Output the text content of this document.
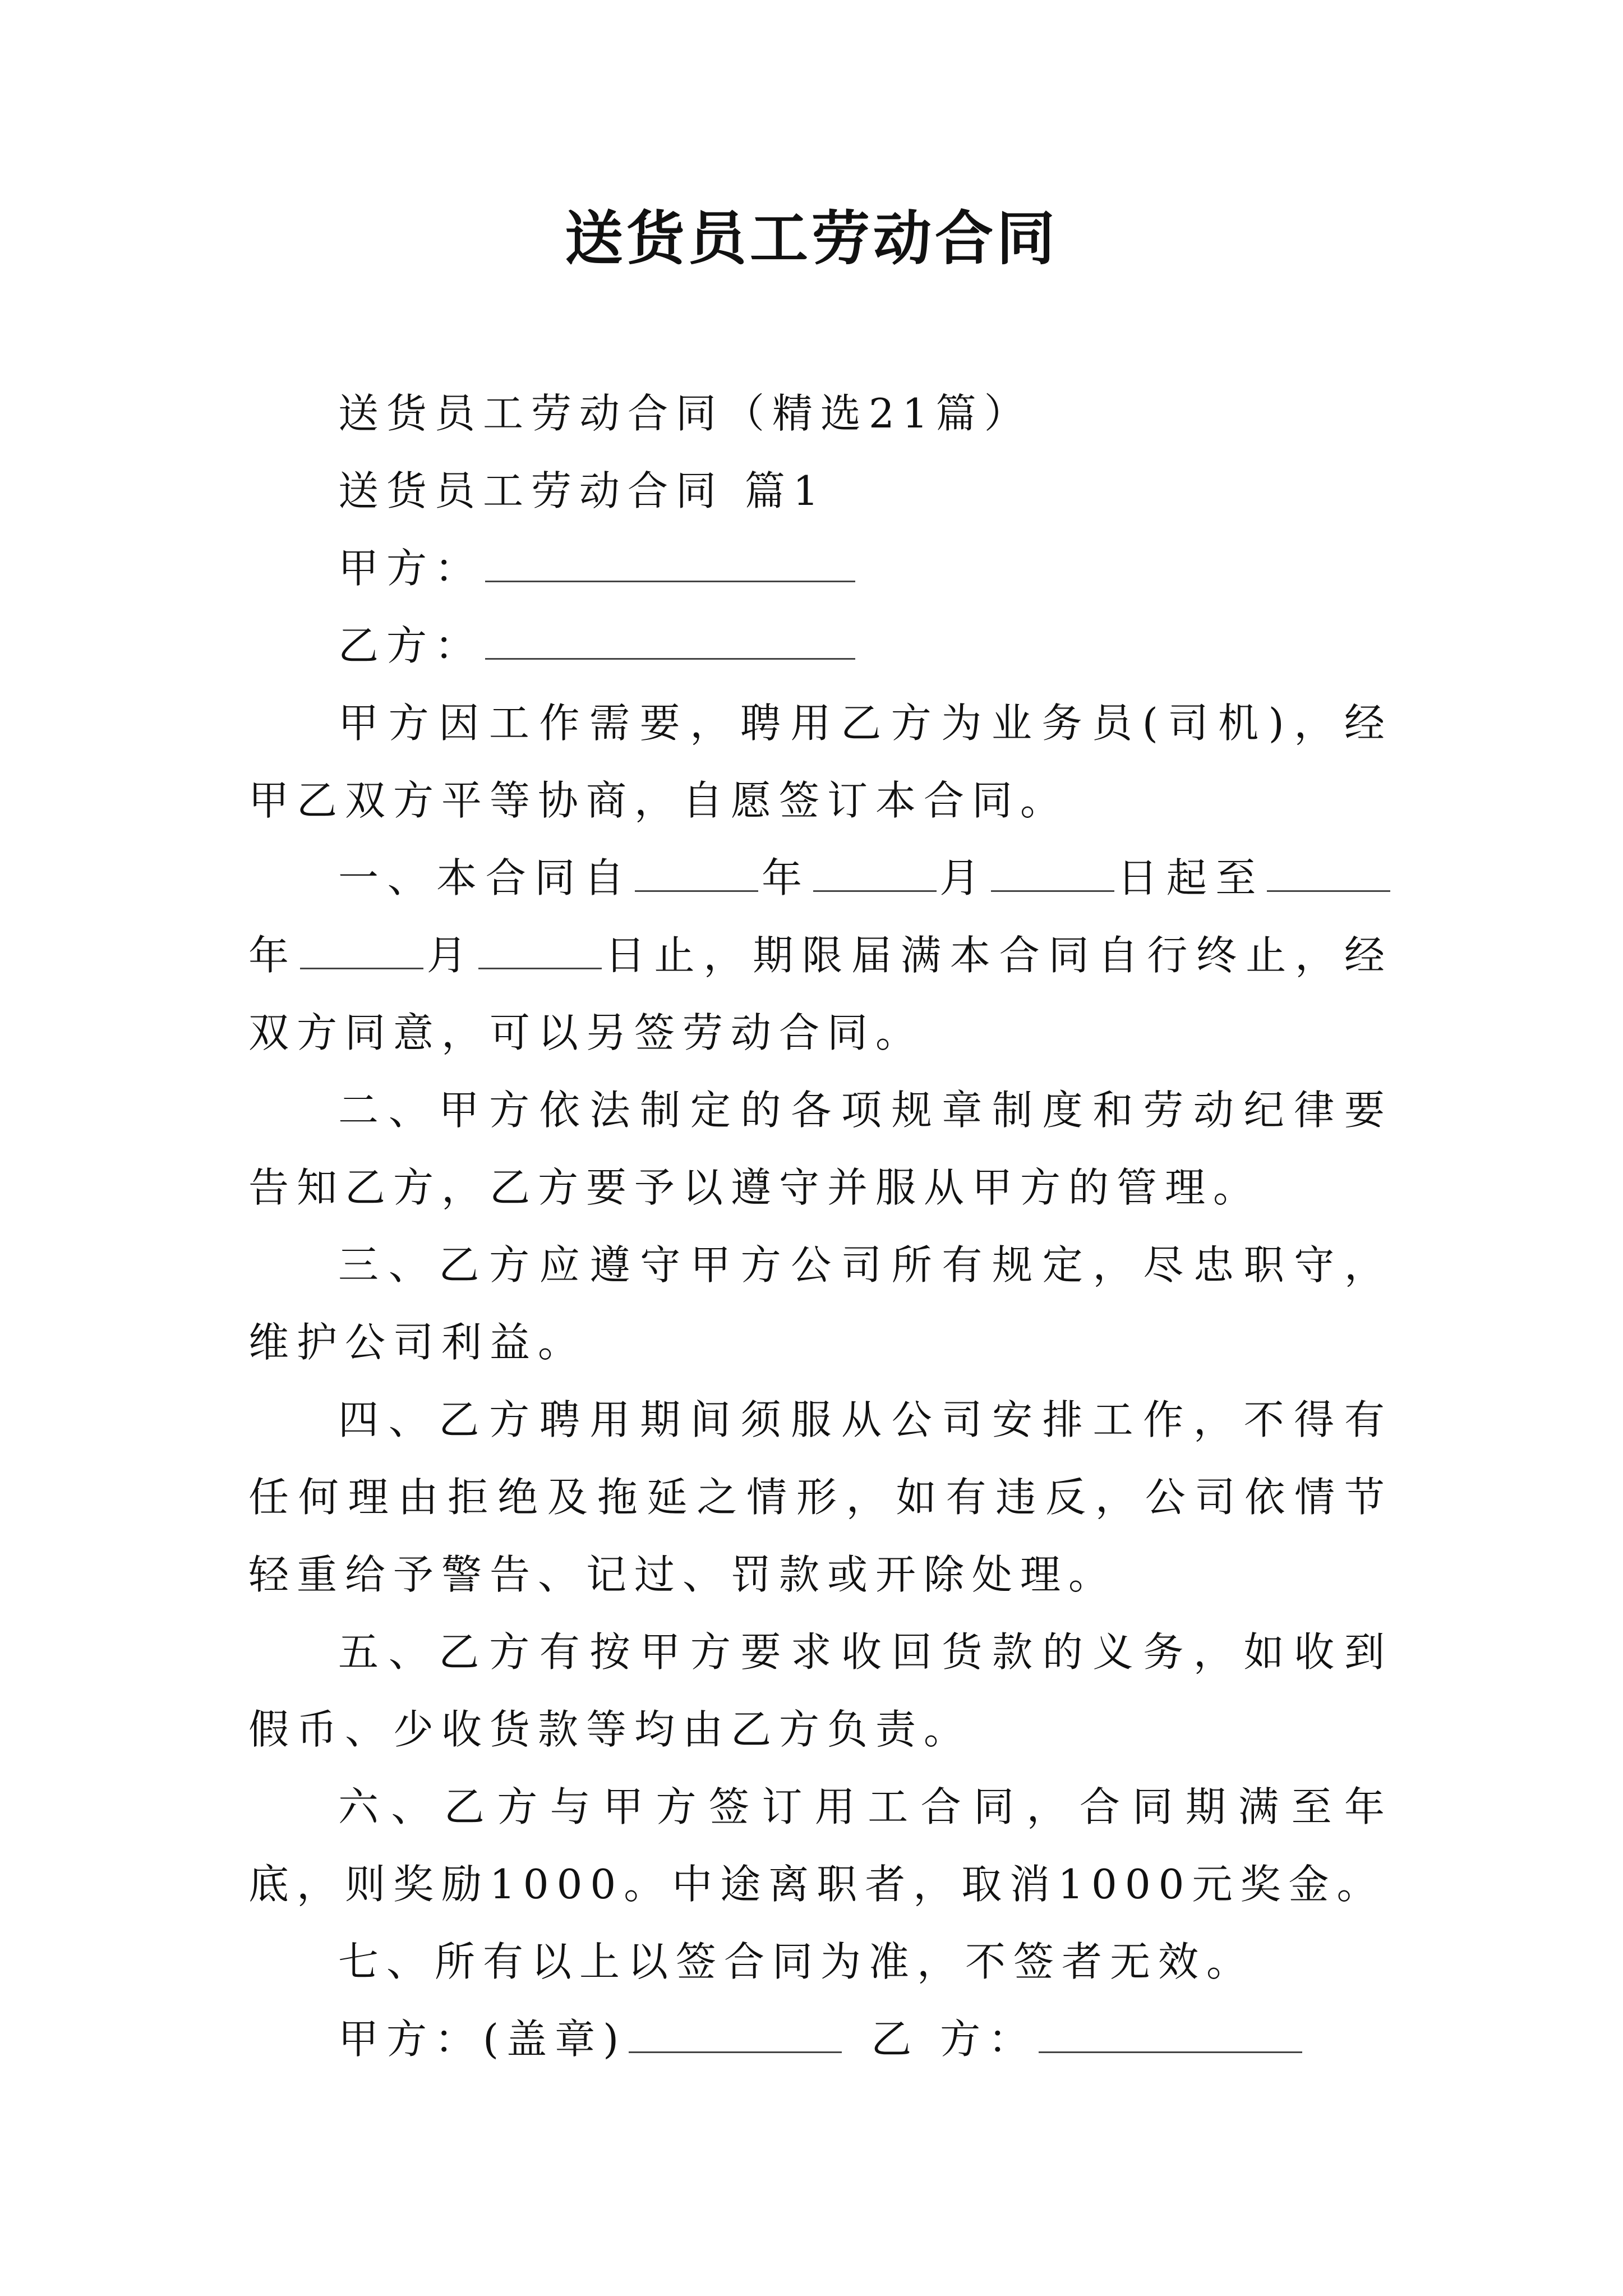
送货员工劳动合同

送货员工劳动合同（精选21篇）

送货员工劳动合同 篇1

甲方：

乙方：

甲方因工作需要，聘用乙方为业务员(司机)，经甲乙双方平等协商，自愿签订本合同。

一、本合同自	年	月	日起至年	月	日止，期限届满本合同自行终止，经双方同意，可以另签劳动合同。

二、甲方依法制定的各项规章制度和劳动纪律要告知乙方，乙方要予以遵守并服从甲方的管理。

三、乙方应遵守甲方公司所有规定，尽忠职守，维护公司利益。

四、乙方聘用期间须服从公司安排工作，不得有任何理由拒绝及拖延之情形，如有违反，公司依情节轻重给予警告、记过、罚款或开除处理。

五、乙方有按甲方要求收回货款的义务，如收到假币、少收货款等均由乙方负责。

六、乙方与甲方签订用工合同，合同期满至年底，则奖励1000。中途离职者，取消1000元奖金。

七、所有以上以签合同为准，不签者无效。

甲方：(盖章)	乙 方：
